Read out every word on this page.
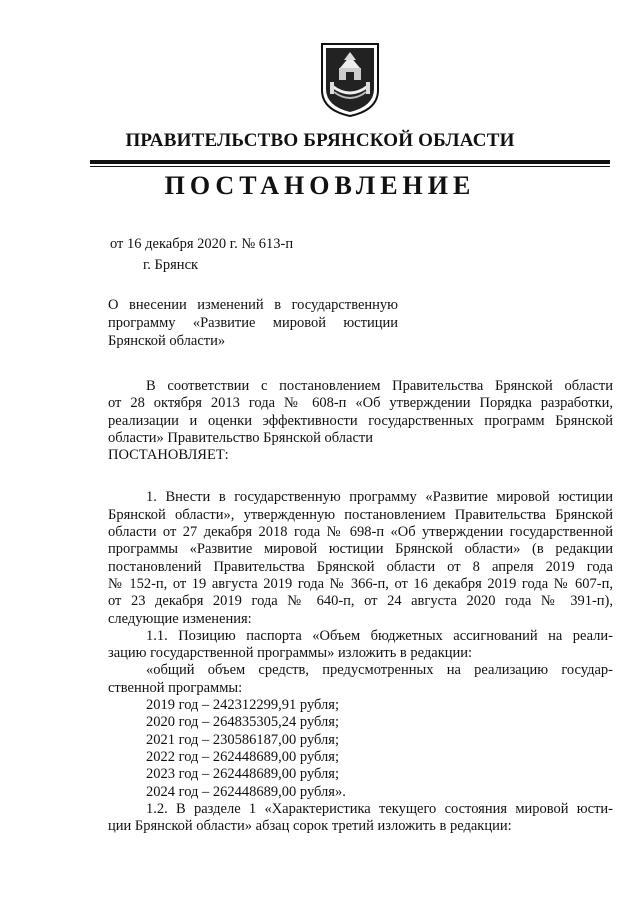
ПРАВИТЕЛЬСТВО БРЯНСКОЙ ОБЛАСТИ
ПОСТАНОВЛЕНИЕ
от 16 декабря 2020 г. № 613-п
г. Брянск
О внесении изменений в государственную
программу «Развитие мировой юстиции
Брянской области»
В соответствии с постановлением Правительства Брянской области
от 28 октября 2013 года № 608-п «Об утверждении Порядка разработки,
реализации и оценки эффективности государственных программ Брянской
области» Правительство Брянской области
ПОСТАНОВЛЯЕТ:
1. Внести в государственную программу «Развитие мировой юстиции
Брянской области», утвержденную постановлением Правительства Брянской
области от 27 декабря 2018 года № 698-п «Об утверждении государственной
программы «Развитие мировой юстиции Брянской области» (в редакции
постановлений Правительства Брянской области от 8 апреля 2019 года
№ 152-п, от 19 августа 2019 года № 366-п, от 16 декабря 2019 года № 607-п,
от 23 декабря 2019 года № 640-п, от 24 августа 2020 года № 391-п),
следующие изменения:
1.1. Позицию паспорта «Объем бюджетных ассигнований на реали-
зацию государственной программы» изложить в редакции:
«общий объем средств, предусмотренных на реализацию государ-
ственной программы:
2019 год – 242312299,91 рубля;
2020 год – 264835305,24 рубля;
2021 год – 230586187,00 рубля;
2022 год – 262448689,00 рубля;
2023 год – 262448689,00 рубля;
2024 год – 262448689,00 рубля».
1.2. В разделе 1 «Характеристика текущего состояния мировой юсти-
ции Брянской области» абзац сорок третий изложить в редакции:
